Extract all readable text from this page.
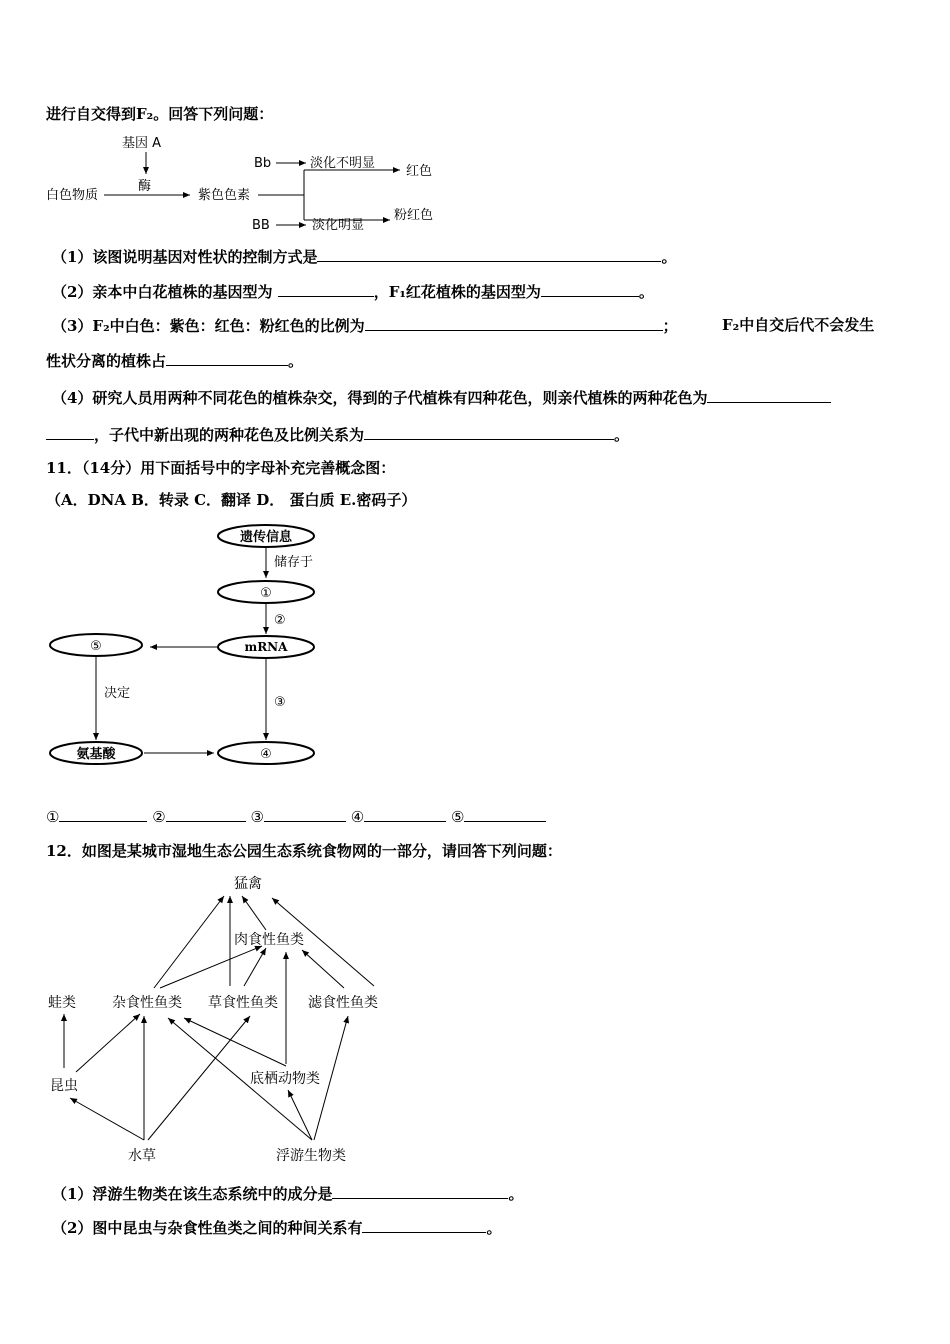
进行自交得到F₂。回答下列问题：
基因 A
酶
白色物质	紫色色素
Bb	淡化不明显
红色
BB	淡化明显
粉红色
（1）该图说明基因对性状的控制方式是	。
（2）亲本中白花植株的基因型为	，F₁红花植株的基因型为	。
（3）F₂中白色：紫色：红色：粉红色的比例为	；	F₂中自交后代不会发生
性状分离的植株占	。
（4）研究人员用两种不同花色的植株杂交，得到的子代植株有四种花色，则亲代植株的两种花色为
，子代中新出现的两种花色及比例关系为	。
11．（14分）用下面括号中的字母补充完善概念图：
（A．DNA B．转录 C．翻译 D． 蛋白质 E.密码子）
遗传信息
储存于
①
②
mRNA
⑤
决定
③
氨基酸	④
①	②	③	④	⑤
12．如图是某城市湿地生态公园生态系统食物网的一部分，请回答下列问题：
猛禽
肉食性鱼类
蛙类	杂食性鱼类 草食性鱼类 滤食性鱼类
昆虫	底栖动物类
水草	浮游生物类
（1）浮游生物类在该生态系统中的成分是	。
（2）图中昆虫与杂食性鱼类之间的种间关系有	。
